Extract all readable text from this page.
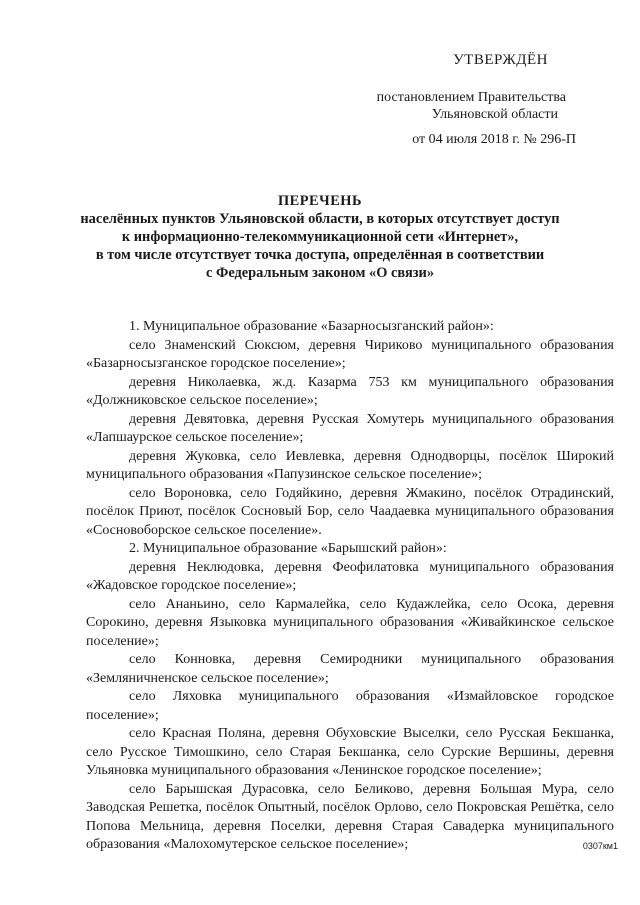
УТВЕРЖДЁН
постановлением Правительства
Ульяновской области
от 04 июля 2018 г. № 296-П
ПЕРЕЧЕНЬ
населённых пунктов Ульяновской области, в которых отсутствует доступ
к информационно-телекоммуникационной сети «Интернет»,
в том числе отсутствует точка доступа, определённая в соответствии
с Федеральным законом «О связи»

1. Муниципальное образование «Базарносызганский район»:

село Знаменский Сюксюм, деревня Чириково муниципального образования «Базарносызганское городское поселение»;

деревня Николаевка, ж.д. Казарма 753 км муниципального образования «Должниковское сельское поселение»;

деревня Девятовка, деревня Русская Хомутерь муниципального образования «Лапшаурское сельское поселение»;

деревня Жуковка, село Иевлевка, деревня Однодворцы, посёлок Широкий муниципального образования «Папузинское сельское поселение»;

село Вороновка, село Годяйкино, деревня Жмакино, посёлок Отрадинский, посёлок Приют, посёлок Сосновый Бор, село Чаадаевка муниципального образования «Сосновоборское сельское поселение».

2. Муниципальное образование «Барышский район»:

деревня Неклюдовка, деревня Феофилатовка муниципального образования «Жадовское городское поселение»;

село Ананьино, село Кармалейка, село Кудажлейка, село Осока, деревня Сорокино, деревня Языковка муниципального образования «Живайкинское сельское поселение»;

село Конновка, деревня Семиродники муниципального образования «Земляничненское сельское поселение»;

село Ляховка муниципального образования «Измайловское городское поселение»;

село Красная Поляна, деревня Обуховские Выселки, село Русская Бекшанка, село Русское Тимошкино, село Старая Бекшанка, село Сурские Вершины, деревня Ульяновка муниципального образования «Ленинское городское поселение»;

село Барышская Дурасовка, село Беликово, деревня Большая Мура, село Заводская Решетка, посёлок Опытный, посёлок Орлово, село Покровская Решётка, село Попова Мельница, деревня Поселки, деревня Старая Савадерка муниципального образования «Малохомутерское сельское поселение»;	0307км1
